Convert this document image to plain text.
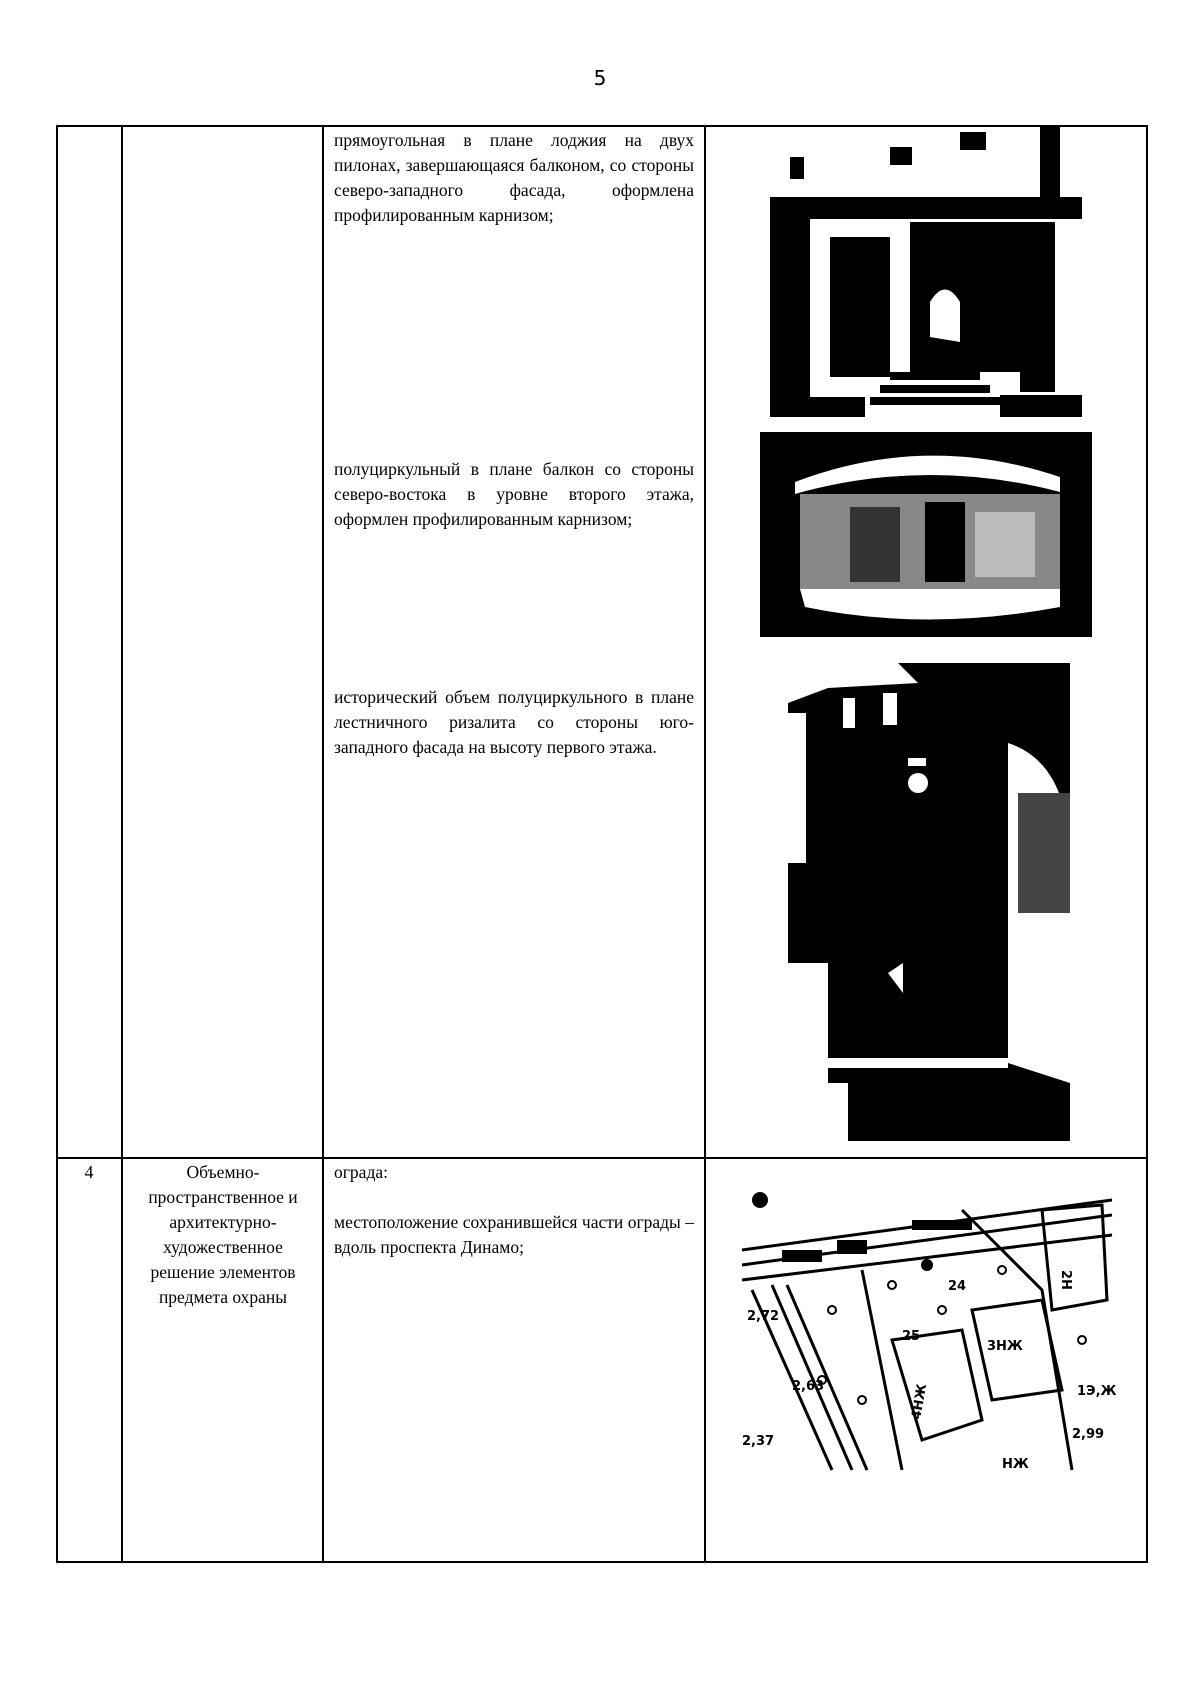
5
прямоугольная в плане лоджия на двух пилонах, завершающаяся балконом, со стороны северо-западного фасада, оформлена профилированным карнизом;
полуциркульный в плане балкон со стороны северо-востока в уровне второго этажа, оформлен профилированным карнизом;
исторический объем полуциркульного в плане лестничного ризалита со стороны юго-западного фасада на высоту первого этажа.
4	Объемно-пространственное и архитектурно-художественное решение элементов предмета охраны
ограда:
местоположение сохранившейся части ограды – вдоль проспекта Динамо;
2Н
3НЖ
4НЖ
24
25
2,63
2,37	2,99
2,72
1Э,Ж
НЖ
